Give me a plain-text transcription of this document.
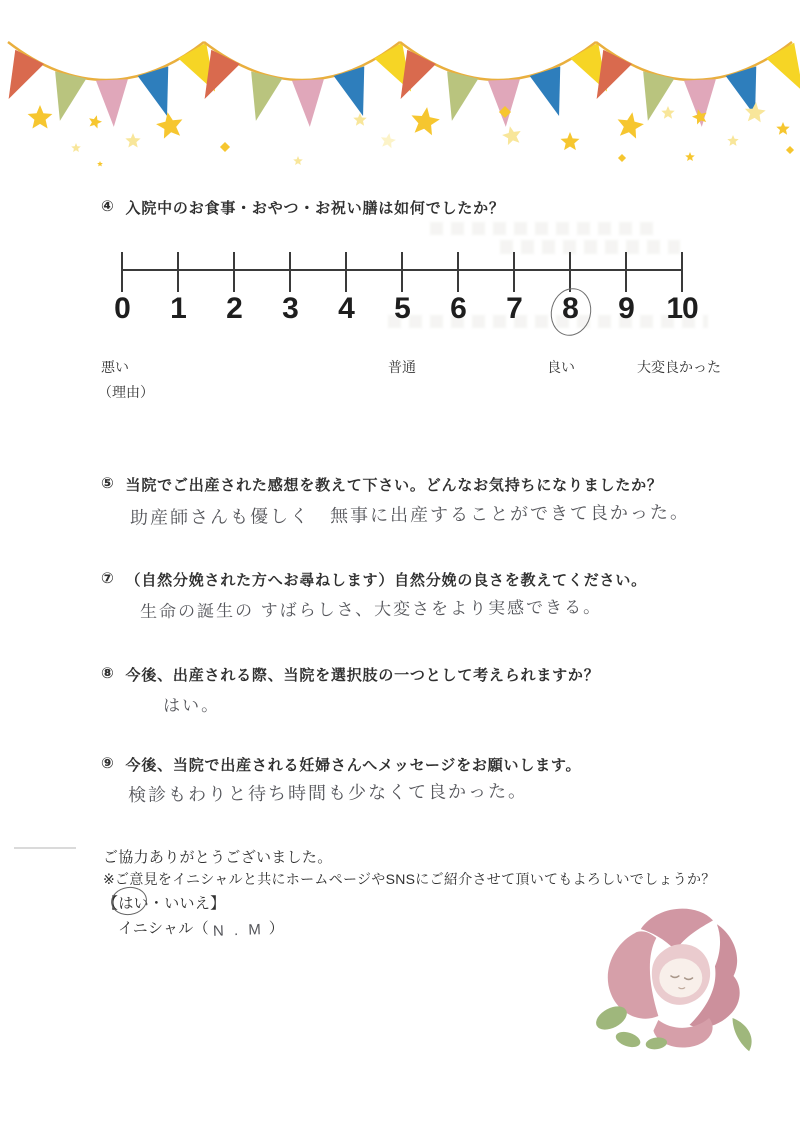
④ 入院中のお食事・おやつ・お祝い膳は如何でしたか？
0 1 2 3 4 5 6 7 8 9 10
悪い	普通	良い	大変良かった
（理由）
⑤ 当院でご出産された感想を教えて下さい。どんなお気持ちになりましたか？
助産師さんも優しく　無事に出産することができて良かった。
⑦ （自然分娩された方へお尋ねします）自然分娩の良さを教えてください。
生命の誕生の すばらしさ、大変さをより実感できる。
⑧ 今後、出産される際、当院を選択肢の一つとして考えられますか？
はい。
⑨ 今後、当院で出産される妊婦さんへメッセージをお願いします。
検診もわりと待ち時間も少なくて良かった。
ご協力ありがとうございました。
※ご意見をイニシャルと共にホームページやSNSにご紹介させて頂いてもよろしいでしょうか？
【
はい・いいえ】
イニシャル（ N . M ）
